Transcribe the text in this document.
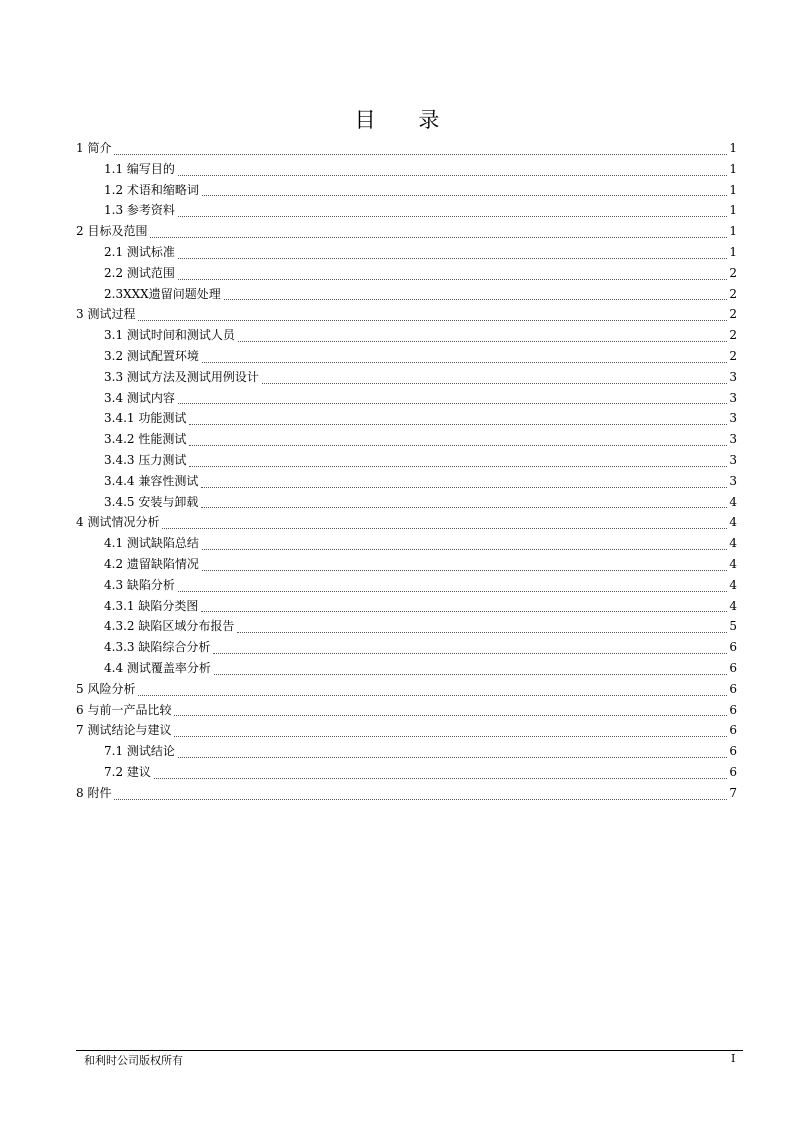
目 录
1 简介	1
1.1 编写目的	1
1.2 术语和缩略词	1
1.3 参考资料	1
2 目标及范围	1
2.1 测试标准	1
2.2 测试范围	2
2.3XXX遗留问题处理	2
3 测试过程	2
3.1 测试时间和测试人员	2
3.2 测试配置环境	2
3.3 测试方法及测试用例设计	3
3.4 测试内容	3
3.4.1 功能测试	3
3.4.2 性能测试	3
3.4.3 压力测试	3
3.4.4 兼容性测试	3
3.4.5 安装与卸载	4
4 测试情况分析	4
4.1 测试缺陷总结	4
4.2 遗留缺陷情况	4
4.3 缺陷分析	4
4.3.1 缺陷分类图	4
4.3.2 缺陷区域分布报告	5
4.3.3 缺陷综合分析	6
4.4 测试覆盖率分析	6
5 风险分析	6
6 与前一产品比较	6
7 测试结论与建议	6
7.1 测试结论	6
7.2 建议	6
8 附件	7
和利时公司版权所有	I
